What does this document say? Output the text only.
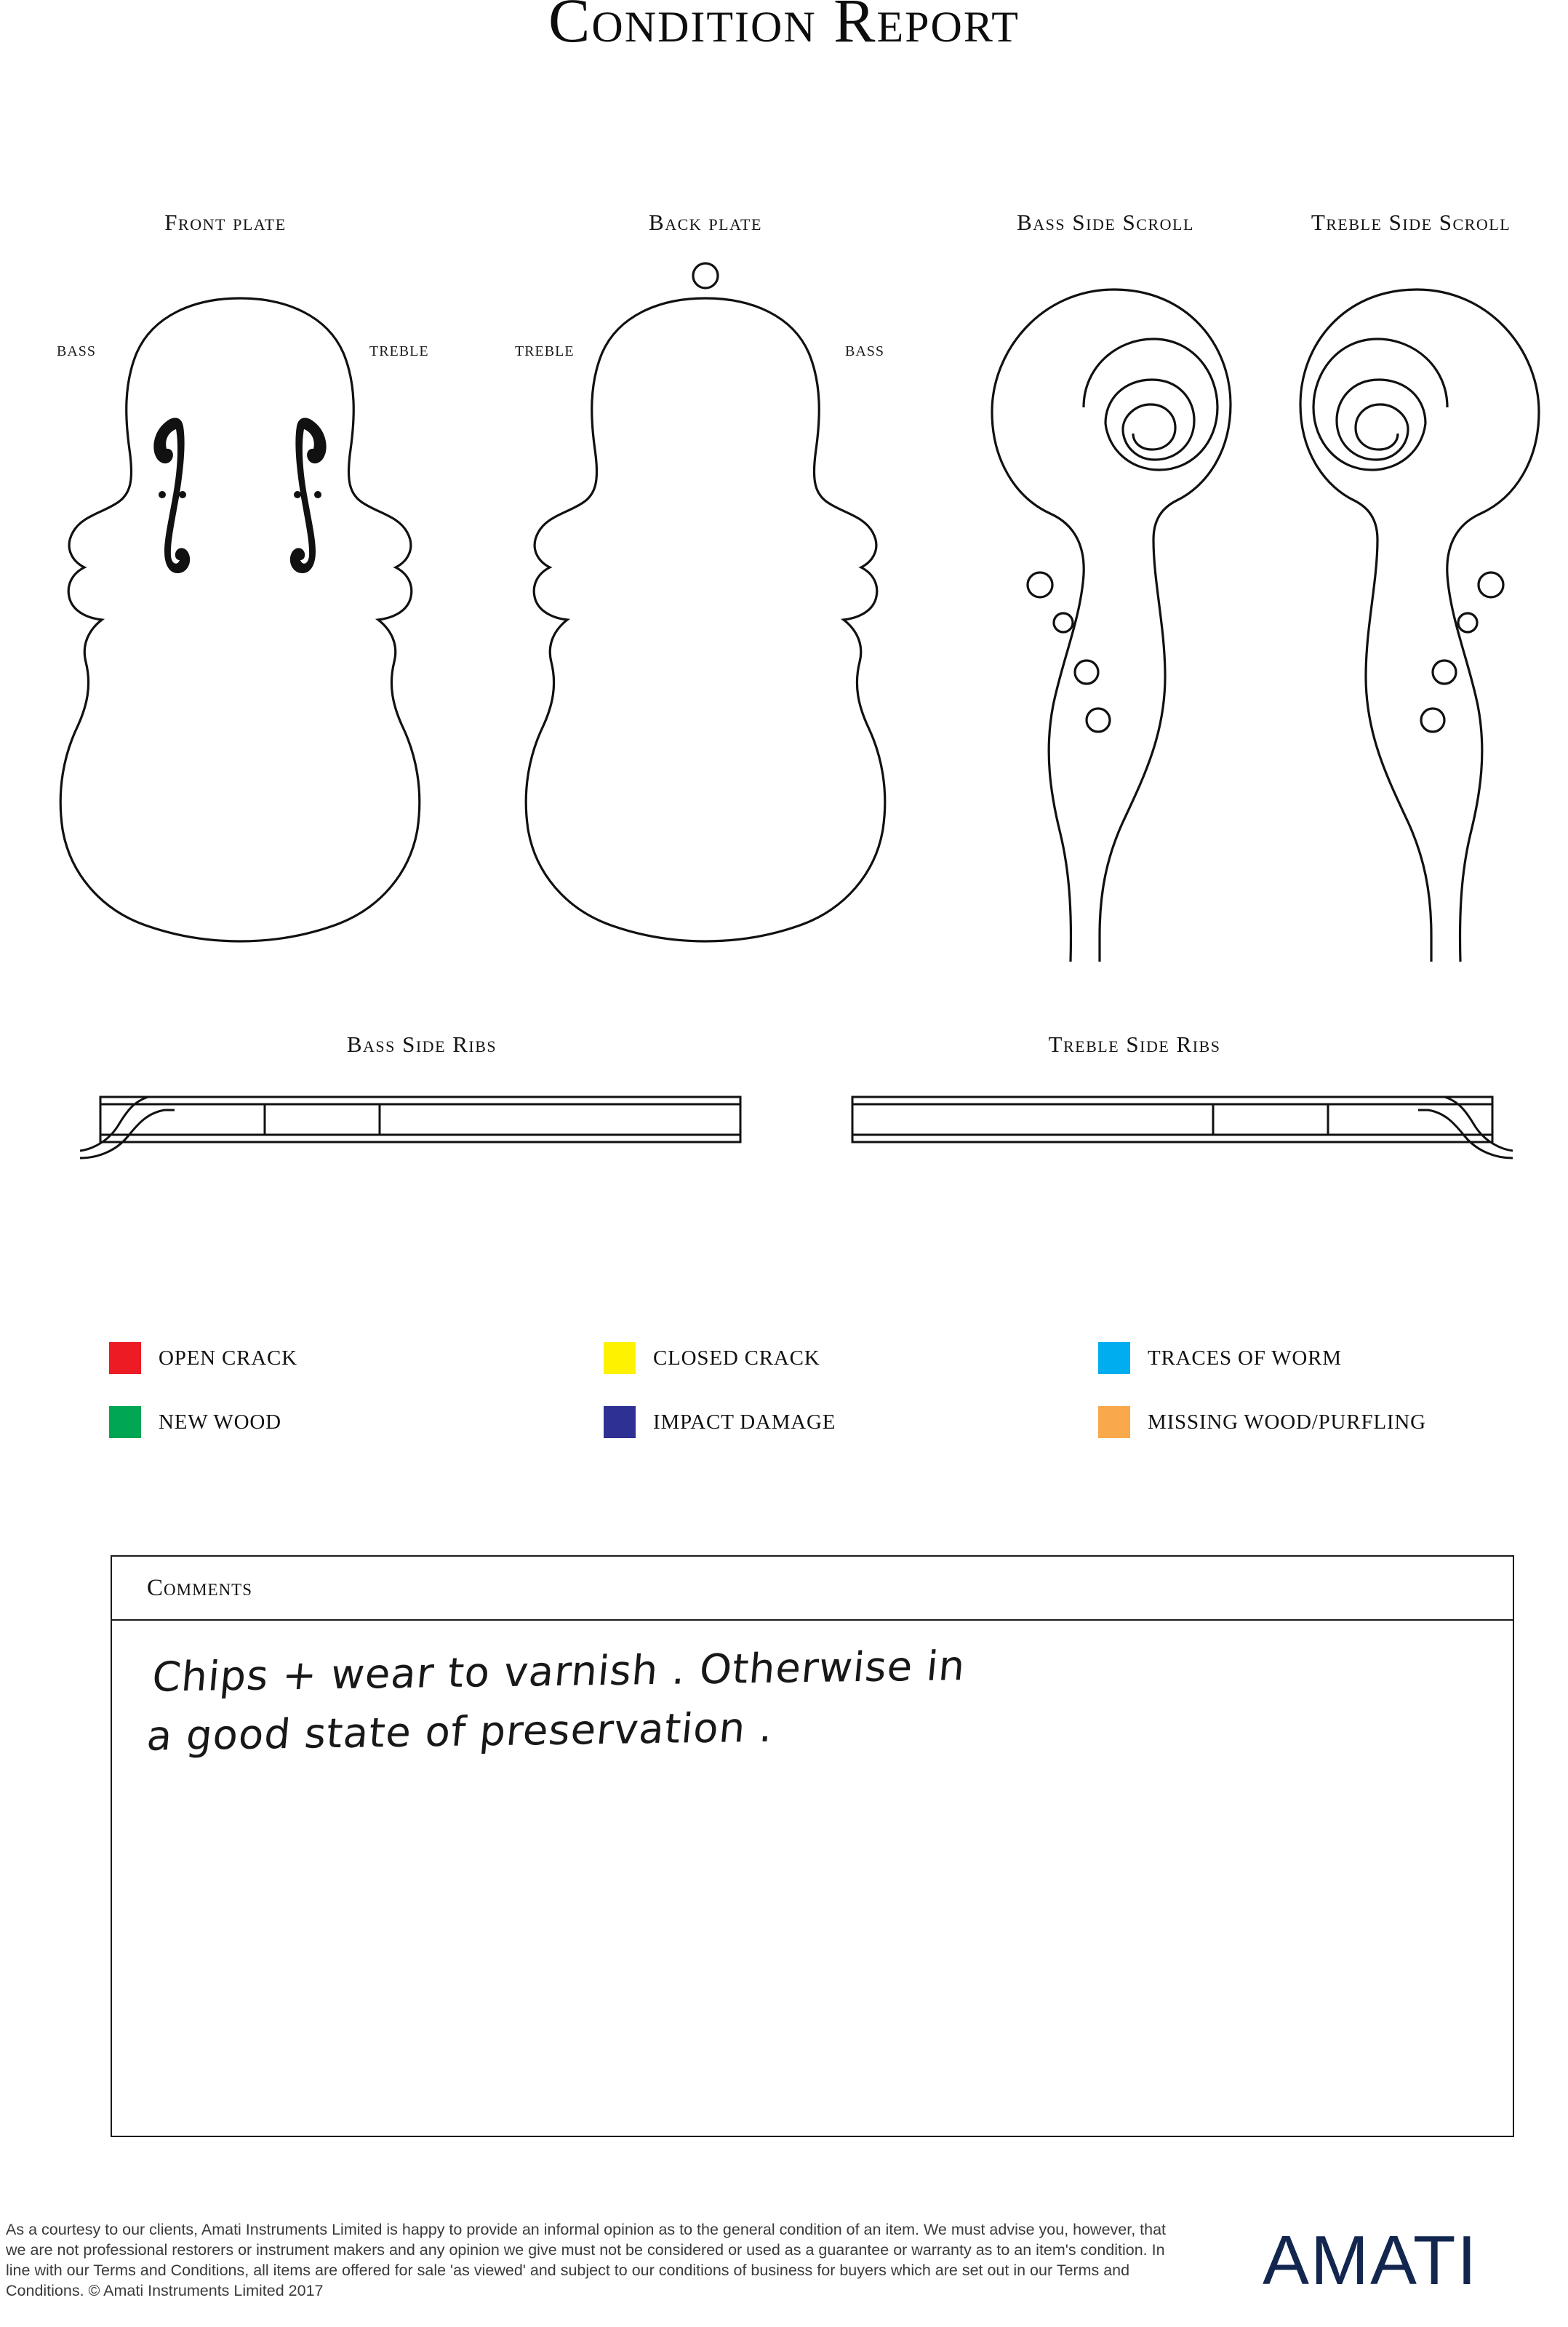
Condition Report
Front plate	Back plate	Bass Side Scroll	Treble Side Scroll
BASS	TREBLE	TREBLE	BASS
Bass Side Ribs	Treble Side Ribs
OPEN CRACK	CLOSED CRACK	TRACES OF WORM
NEW WOOD	IMPACT DAMAGE	MISSING WOOD/PURFLING
Comments
Chips + wear to varnish . Otherwise in
a good state of preservation .
As a courtesy to our clients, Amati Instruments Limited is happy to provide an informal opinion as to the general condition of an item. We must advise you, however, that we are not professional restorers or instrument makers and any opinion we give must not be considered or used as a guarantee or warranty as to an item's condition. In line with our Terms and Conditions, all items are offered for sale 'as viewed' and subject to our conditions of business for buyers which are set out in our Terms and Conditions. © Amati Instruments Limited 2017	AMATI
